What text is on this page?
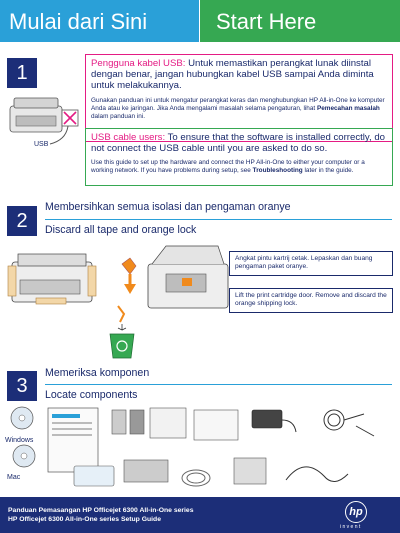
Mulai dari Sini	Start Here
1
USB
Pengguna kabel USB: Untuk memastikan perangkat lunak diinstal dengan benar, jangan hubungkan kabel USB sampai Anda diminta untuk melakukannya.
Gunakan panduan ini untuk mengatur perangkat keras dan menghubungkan HP All-in-One ke komputer Anda atau ke jaringan. Jika Anda mengalami masalah selama pengaturan, lihat Pemecahan masalah dalam panduan ini.
USB cable users: To ensure that the software is installed correctly, do not connect the USB cable until you are asked to do so.
Use this guide to set up the hardware and connect the HP All-in-One to either your computer or a working network. If you have problems during setup, see Troubleshooting later in the guide.
2
Membersihkan semua isolasi dan pengaman oranye
Discard all tape and orange lock
Angkat pintu kartrij cetak. Lepaskan dan buang pengaman paket oranye.
Lift the print cartridge door. Remove and discard the orange shipping lock.
3
Memeriksa komponen
Locate components
Windows
Mac
Panduan Pemasangan HP Officejet 6300 All-in-One series
HP Officejet 6300 All-in-One series Setup Guide
hp
i n v e n t
